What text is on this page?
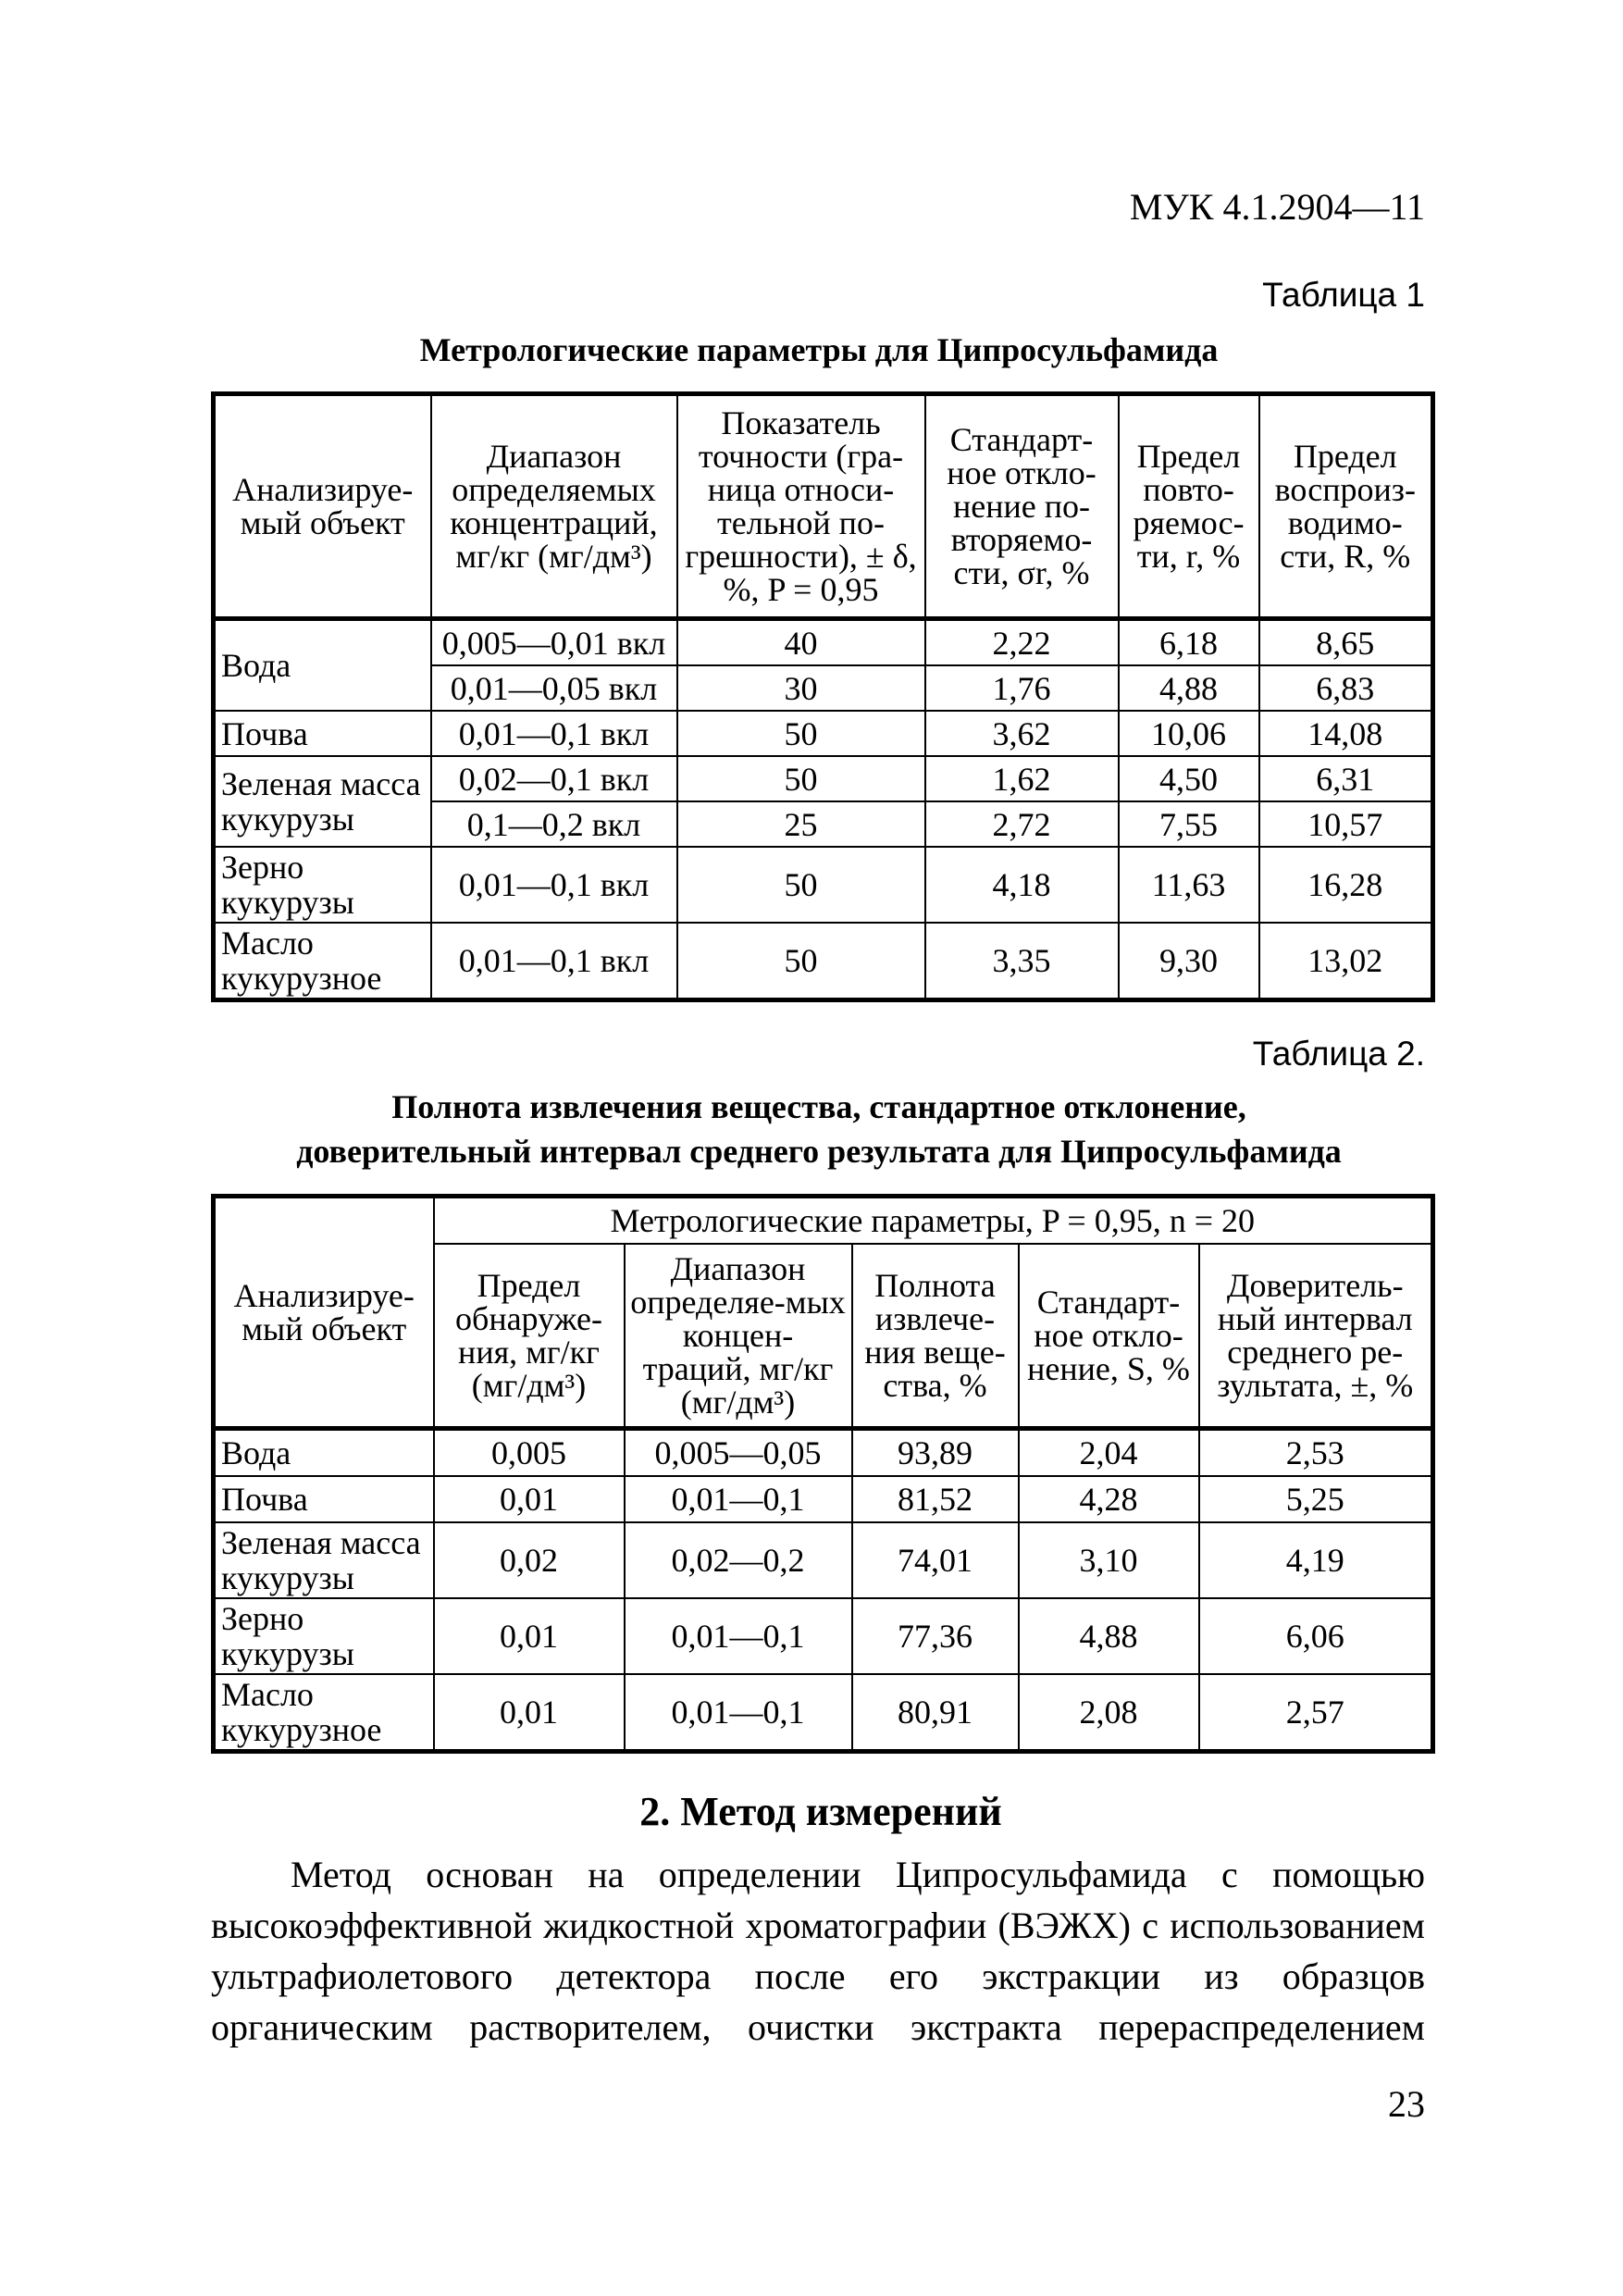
МУК 4.1.2904—11
Таблица 1
Метрологические параметры для Ципросульфамида
Анализируе-мый объект	Диапазон определяемых концентраций, мг/кг (мг/дм³)	Показатель точности (гра-ница относи-тельной по-грешности), ± δ, %, P = 0,95	Стандарт-ное откло-нение по-вторяемо-сти, σr, %	Предел повто-ряемос-ти, r, %	Предел воспроиз-водимо-сти, R, %
Вода	0,005—0,01 вкл	40	2,22	6,18	8,65
	0,01—0,05 вкл	30	1,76	4,88	6,83
Почва	0,01—0,1 вкл	50	3,62	10,06	14,08
Зеленая масса кукурузы	0,02—0,1 вкл	50	1,62	4,50	6,31
	0,1—0,2 вкл	25	2,72	7,55	10,57
Зерно кукурузы	0,01—0,1 вкл	50	4,18	11,63	16,28
Масло кукурузное	0,01—0,1 вкл	50	3,35	9,30	13,02
Таблица 2.
Полнота извлечения вещества, стандартное отклонение,
доверительный интервал среднего результата для Ципросульфамида
Анализируе-мый объект	Метрологические параметры, P = 0,95, n = 20				
	Предел обнаруже-ния, мг/кг (мг/дм³)	Диапазон определяе-мых концен-траций, мг/кг (мг/дм³)	Полнота извлече-ния веще-ства, %	Стандарт-ное откло-нение, S, %	Доверитель-ный интервал среднего ре-зультата, ±, %
Вода	0,005	0,005—0,05	93,89	2,04	2,53
Почва	0,01	0,01—0,1	81,52	4,28	5,25
Зеленая масса кукурузы	0,02	0,02—0,2	74,01	3,10	4,19
Зерно кукурузы	0,01	0,01—0,1	77,36	4,88	6,06
Масло кукурузное	0,01	0,01—0,1	80,91	2,08	2,57
2. Метод измерений

Метод основан на определении Ципросульфамида с помощью высокоэффективной жидкостной хроматографии (ВЭЖХ) с использованием ультрафиолетового детектора после его экстракции из образцов органическим растворителем, очистки экстракта перераспределением

23
